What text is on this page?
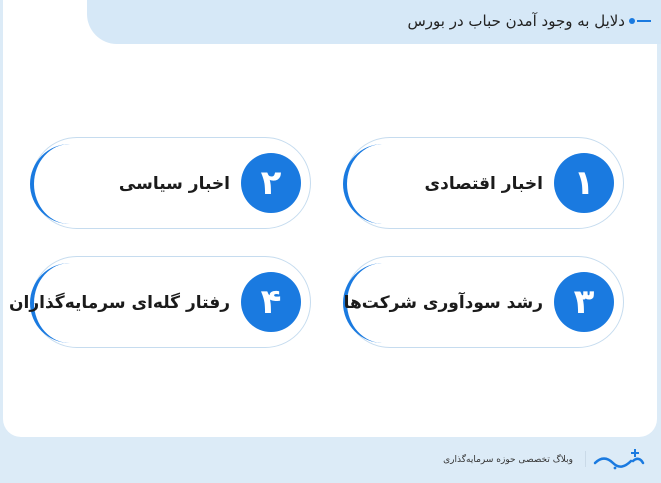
دلایل به وجود آمدن حباب در بورس
اخبار اقتصادی ۱
اخبار سیاسی ۲
رشد سودآوری شرکت‌ها ۳
رفتار گله‌ای سرمایه‌گذاران ۴
وبلاگ تخصصی حوزه سرمایه‌گذاری
